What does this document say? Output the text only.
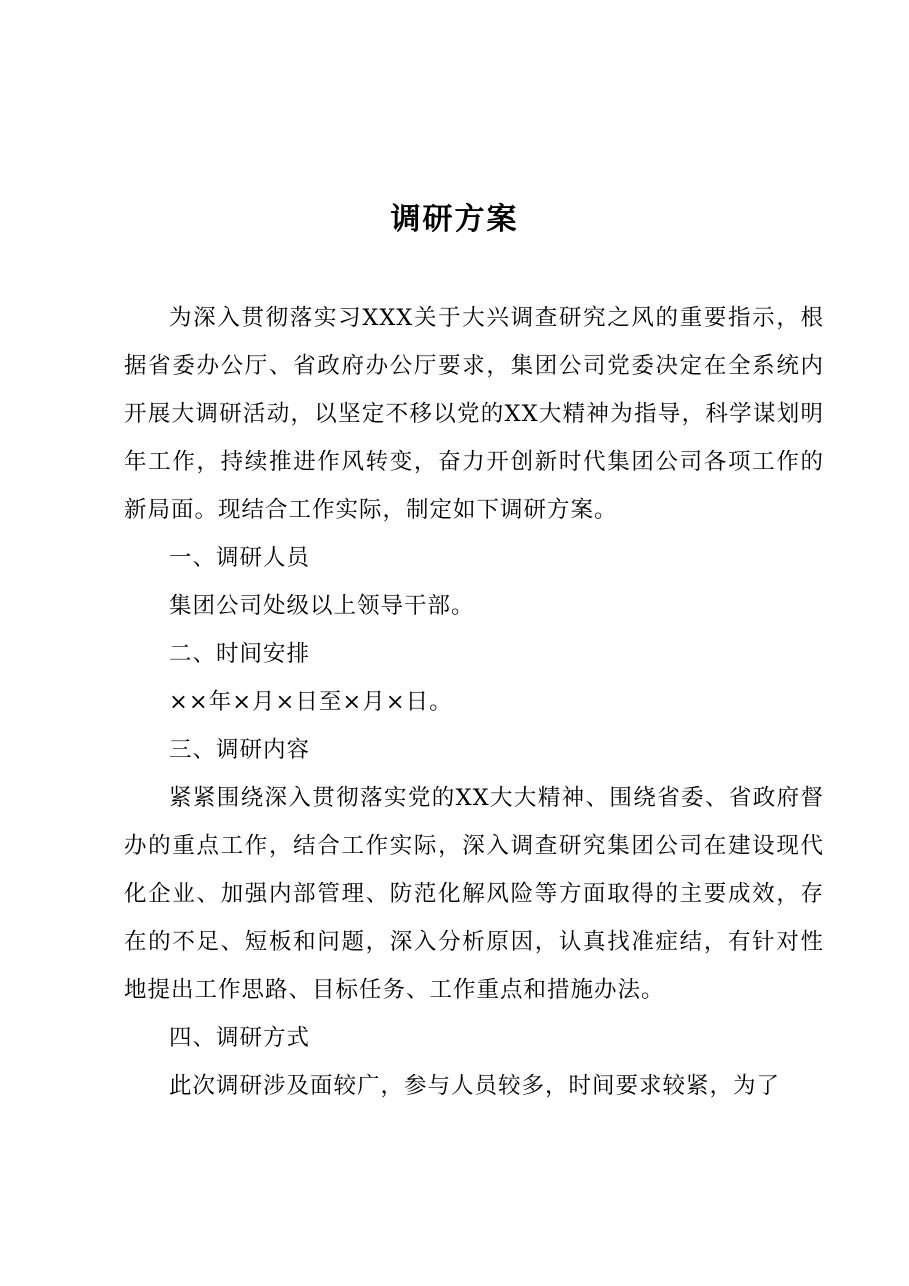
调研方案

为深入贯彻落实习XXX关于大兴调查研究之风的重要指示，根据省委办公厅、省政府办公厅要求，集团公司党委决定在全系统内开展大调研活动，以坚定不移以党的XX大精神为指导，科学谋划明年工作，持续推进作风转变，奋力开创新时代集团公司各项工作的新局面。现结合工作实际，制定如下调研方案。

一、调研人员

集团公司处级以上领导干部。

二、时间安排

××年×月×日至×月×日。

三、调研内容

紧紧围绕深入贯彻落实党的XX大大精神、围绕省委、省政府督办的重点工作，结合工作实际，深入调查研究集团公司在建设现代化企业、加强内部管理、防范化解风险等方面取得的主要成效，存在的不足、短板和问题，深入分析原因，认真找准症结，有针对性地提出工作思路、目标任务、工作重点和措施办法。

四、调研方式

此次调研涉及面较广，参与人员较多，时间要求较紧，为了
